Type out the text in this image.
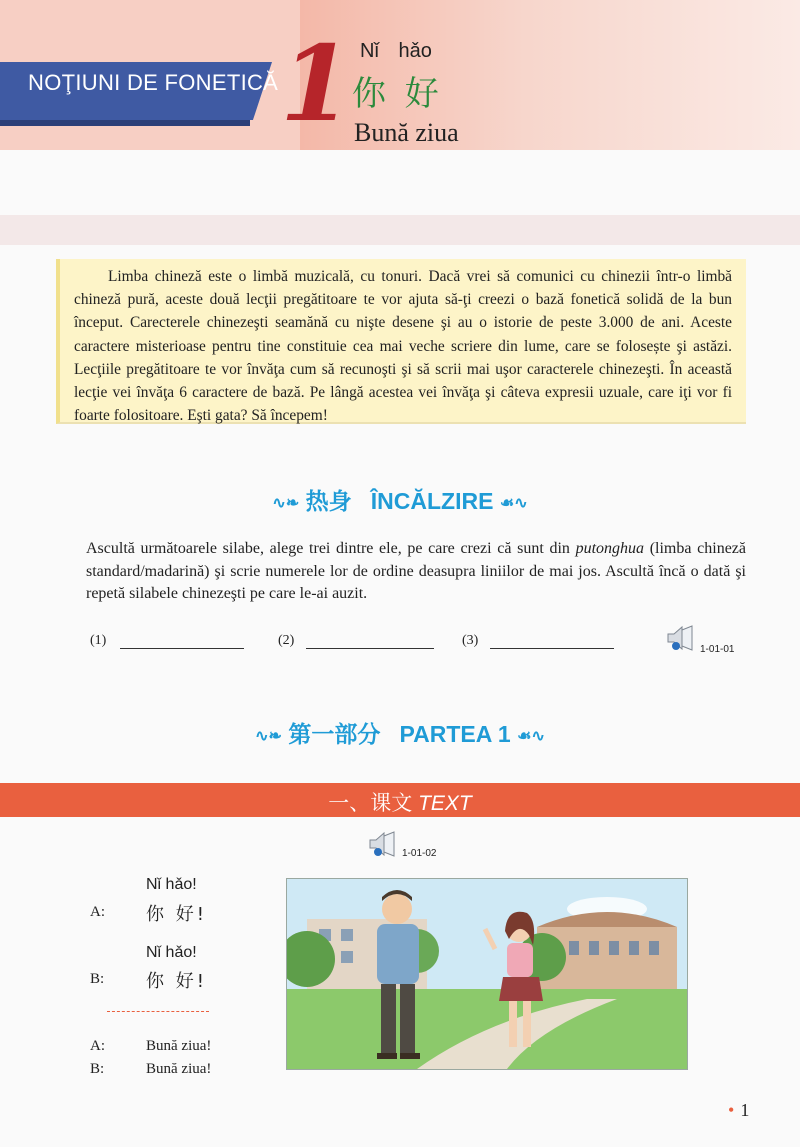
NOŢIUNI DE FONETICĂ 1 Nǐ hǎo
你 好
Bună ziua

Limba chineză este o limbă muzicală, cu tonuri. Dacă vrei să comunici cu chinezii într-o limbă chineză pură, aceste două lecţii pregătitoare te vor ajuta să-ţi creezi o bază fonetică solidă de la bun început. Carecterele chinezeşti seamănă cu nişte desene şi au o istorie de peste 3.000 de ani. Aceste caractere misterioase pentru tine constituie cea mai veche scriere din lume, care se folosește şi astăzi. Lecţiile pregătitoare te vor învăţa cum să recunoşti şi să scrii mai uşor caracterele chinezeşti. În această lecţie vei învăţa 6 caractere de bază. Pe lângă acestea vei învăţa şi câteva expresii uzuale, care iţi vor fi foarte folositoare. Eşti gata? Să începem!

∿❧ 热身 ÎNCĂLZIRE ☙∿
Ascultă următoarele silabe, alege trei dintre ele, pe care crezi că sunt din putonghua (limba chineză standard/madarină) şi scrie numerele lor de ordine deasupra liniilor de mai jos. Ascultă încă o dată şi repetă silabele chinezeşti pe care le-ai auzit.
(1)	(2)	(3)
1-01-01
∿❧ 第一部分 PARTEA 1 ☙∿
一、课文 TEXT
1-01-02
Nǐ hǎo!
A: 你 好!
Nǐ hǎo!
B: 你 好!
A:	Bună ziua!
B:	Bună ziua!
• 1
